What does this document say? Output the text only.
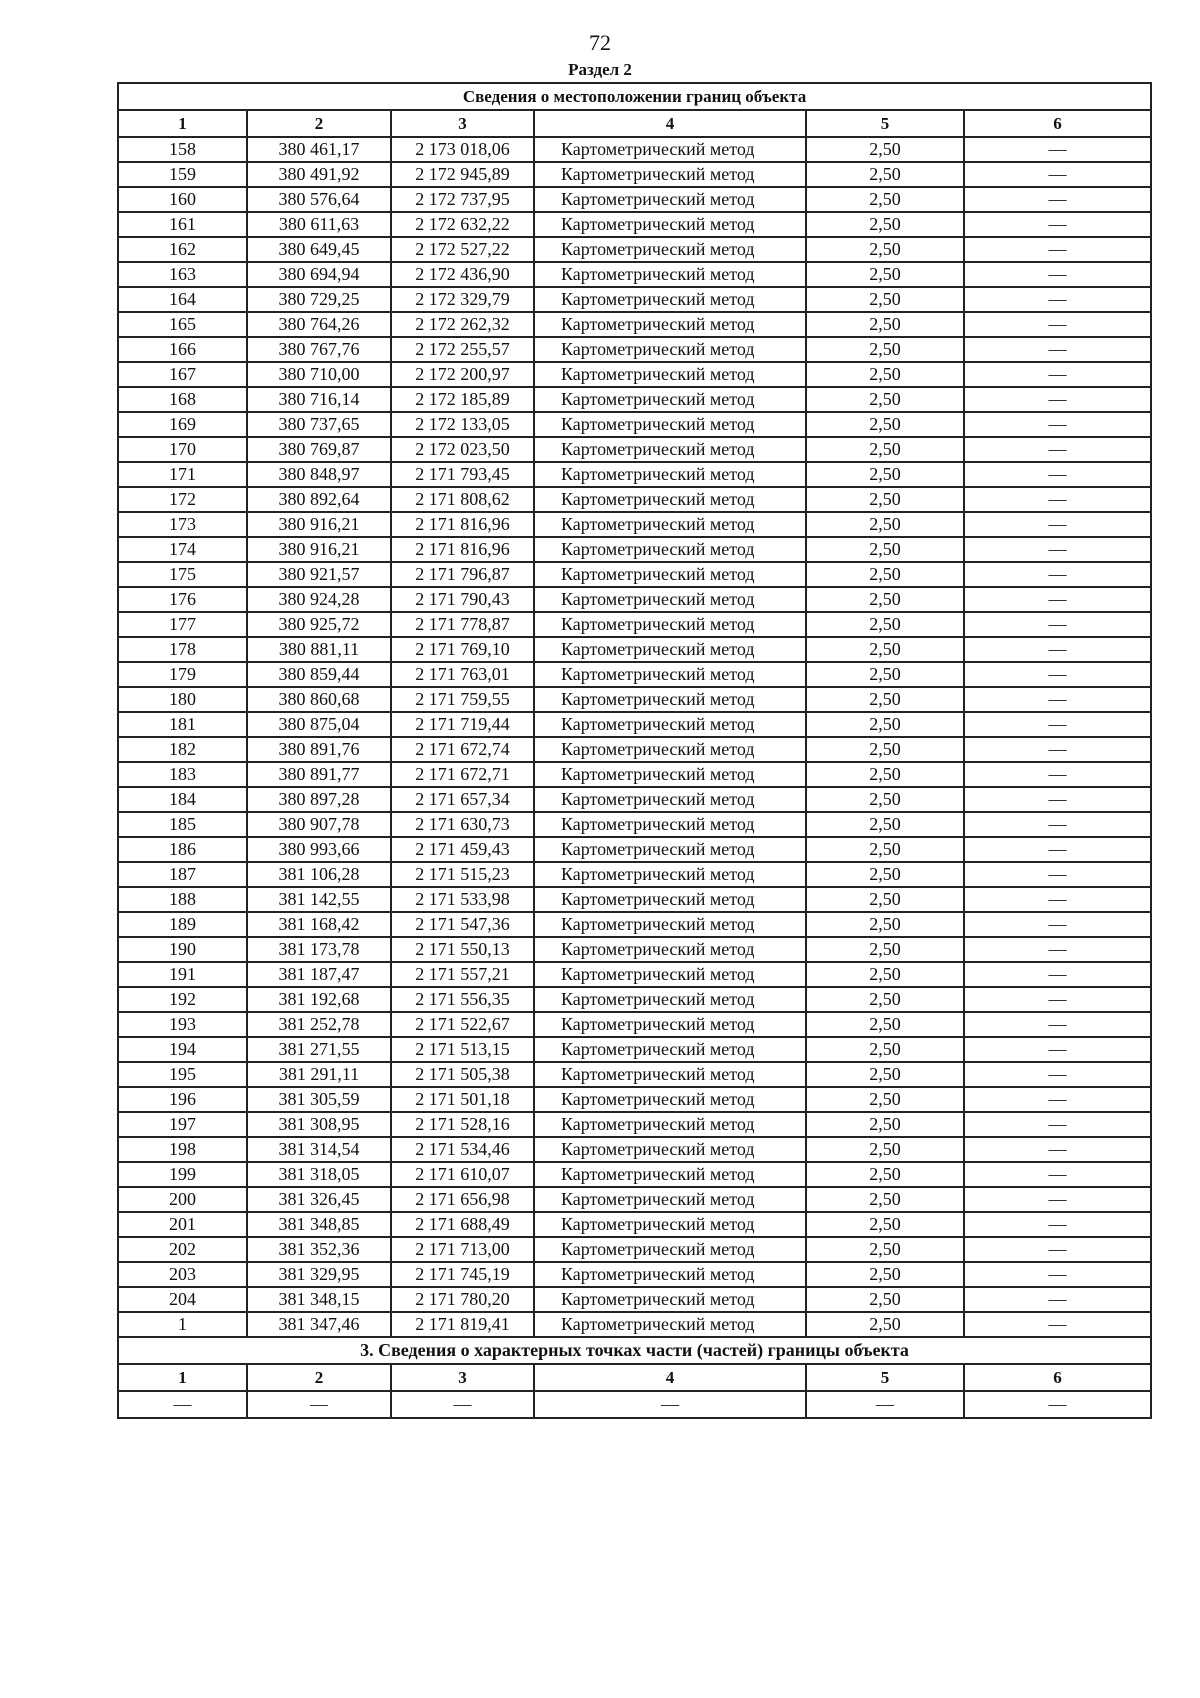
72
Раздел 2
Сведения о местоположении границ объекта					
1	2	3	4	5	6
158	380 461,17	2 173 018,06	Картометрический метод	2,50	—
159	380 491,92	2 172 945,89	Картометрический метод	2,50	—
160	380 576,64	2 172 737,95	Картометрический метод	2,50	—
161	380 611,63	2 172 632,22	Картометрический метод	2,50	—
162	380 649,45	2 172 527,22	Картометрический метод	2,50	—
163	380 694,94	2 172 436,90	Картометрический метод	2,50	—
164	380 729,25	2 172 329,79	Картометрический метод	2,50	—
165	380 764,26	2 172 262,32	Картометрический метод	2,50	—
166	380 767,76	2 172 255,57	Картометрический метод	2,50	—
167	380 710,00	2 172 200,97	Картометрический метод	2,50	—
168	380 716,14	2 172 185,89	Картометрический метод	2,50	—
169	380 737,65	2 172 133,05	Картометрический метод	2,50	—
170	380 769,87	2 172 023,50	Картометрический метод	2,50	—
171	380 848,97	2 171 793,45	Картометрический метод	2,50	—
172	380 892,64	2 171 808,62	Картометрический метод	2,50	—
173	380 916,21	2 171 816,96	Картометрический метод	2,50	—
174	380 916,21	2 171 816,96	Картометрический метод	2,50	—
175	380 921,57	2 171 796,87	Картометрический метод	2,50	—
176	380 924,28	2 171 790,43	Картометрический метод	2,50	—
177	380 925,72	2 171 778,87	Картометрический метод	2,50	—
178	380 881,11	2 171 769,10	Картометрический метод	2,50	—
179	380 859,44	2 171 763,01	Картометрический метод	2,50	—
180	380 860,68	2 171 759,55	Картометрический метод	2,50	—
181	380 875,04	2 171 719,44	Картометрический метод	2,50	—
182	380 891,76	2 171 672,74	Картометрический метод	2,50	—
183	380 891,77	2 171 672,71	Картометрический метод	2,50	—
184	380 897,28	2 171 657,34	Картометрический метод	2,50	—
185	380 907,78	2 171 630,73	Картометрический метод	2,50	—
186	380 993,66	2 171 459,43	Картометрический метод	2,50	—
187	381 106,28	2 171 515,23	Картометрический метод	2,50	—
188	381 142,55	2 171 533,98	Картометрический метод	2,50	—
189	381 168,42	2 171 547,36	Картометрический метод	2,50	—
190	381 173,78	2 171 550,13	Картометрический метод	2,50	—
191	381 187,47	2 171 557,21	Картометрический метод	2,50	—
192	381 192,68	2 171 556,35	Картометрический метод	2,50	—
193	381 252,78	2 171 522,67	Картометрический метод	2,50	—
194	381 271,55	2 171 513,15	Картометрический метод	2,50	—
195	381 291,11	2 171 505,38	Картометрический метод	2,50	—
196	381 305,59	2 171 501,18	Картометрический метод	2,50	—
197	381 308,95	2 171 528,16	Картометрический метод	2,50	—
198	381 314,54	2 171 534,46	Картометрический метод	2,50	—
199	381 318,05	2 171 610,07	Картометрический метод	2,50	—
200	381 326,45	2 171 656,98	Картометрический метод	2,50	—
201	381 348,85	2 171 688,49	Картометрический метод	2,50	—
202	381 352,36	2 171 713,00	Картометрический метод	2,50	—
203	381 329,95	2 171 745,19	Картометрический метод	2,50	—
204	381 348,15	2 171 780,20	Картометрический метод	2,50	—
1	381 347,46	2 171 819,41	Картометрический метод	2,50	—
3. Сведения о характерных точках части (частей) границы объекта					
1	2	3	4	5	6
—	—	—	—	—	—
